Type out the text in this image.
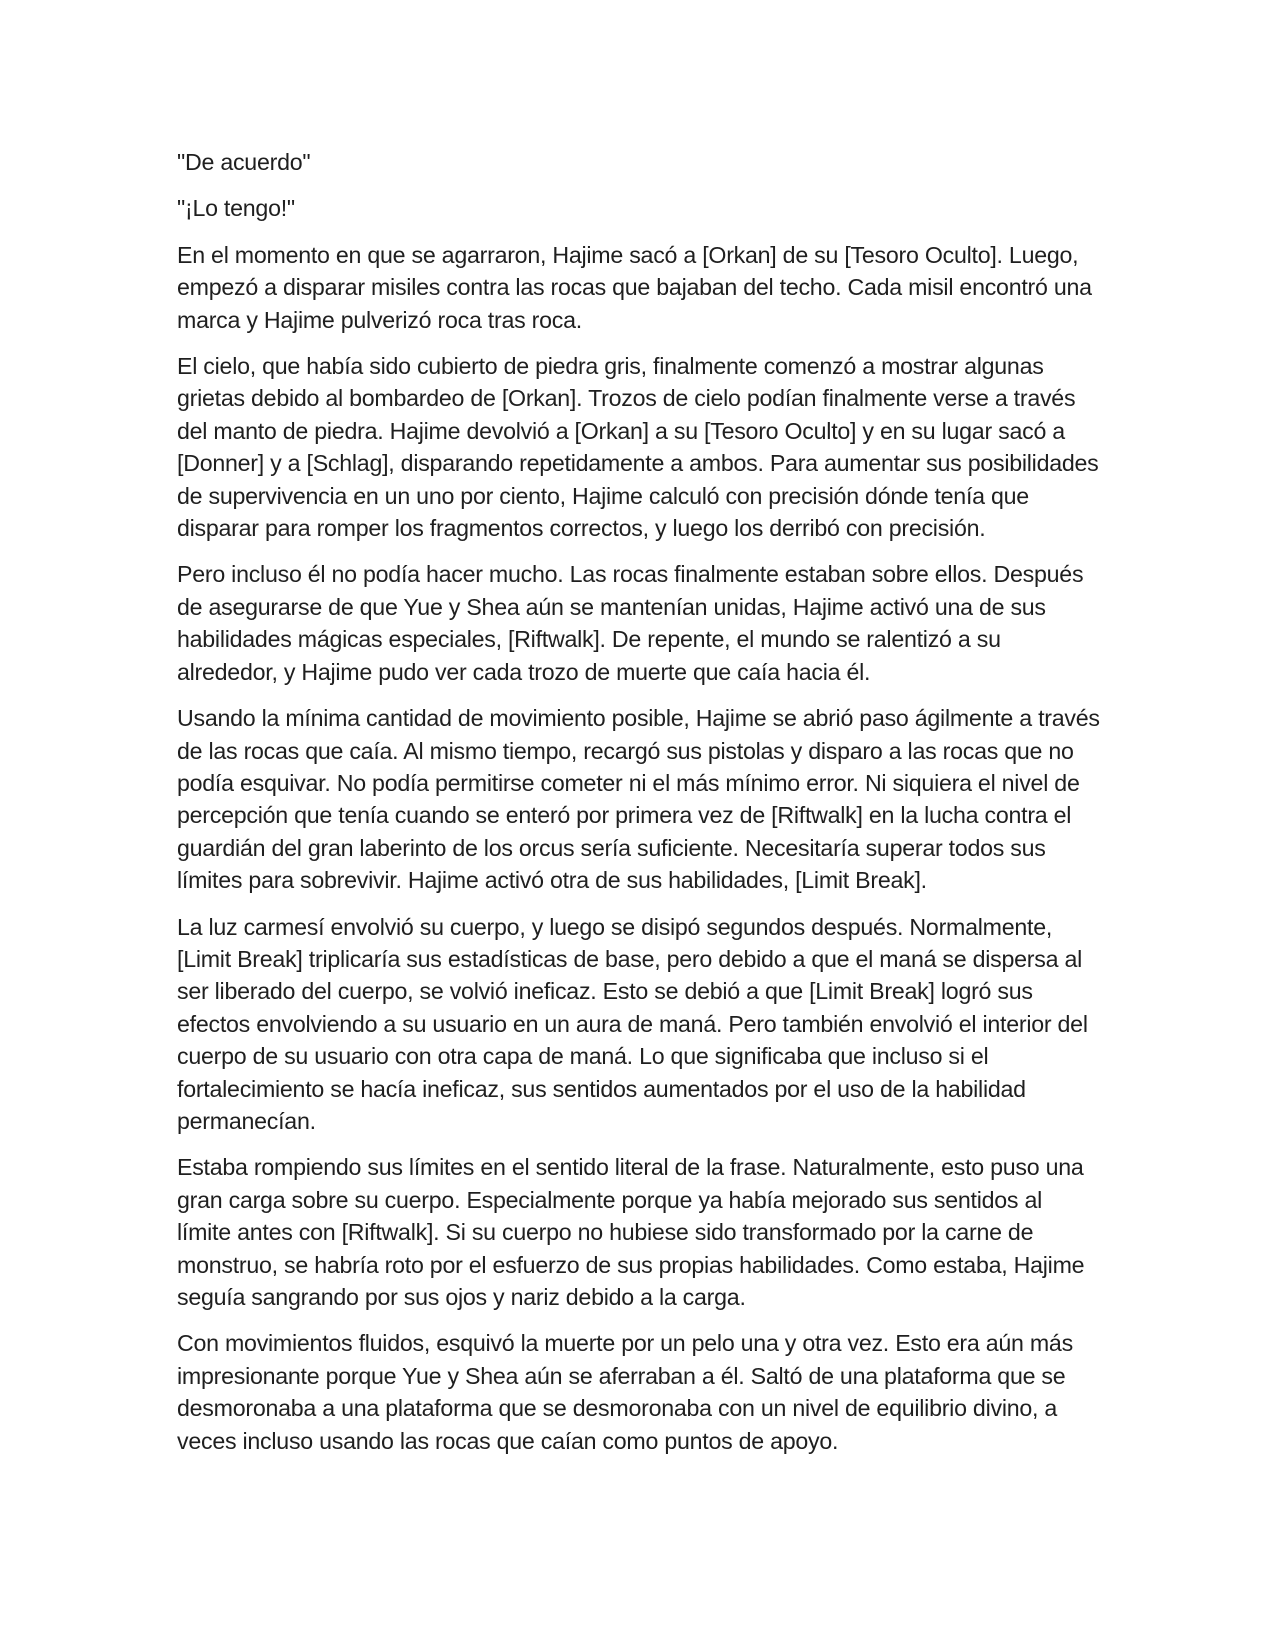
"De acuerdo"

"¡Lo tengo!"

En el momento en que se agarraron, Hajime sacó a [Orkan] de su [Tesoro Oculto]. Luego, empezó a disparar misiles contra las rocas que bajaban del techo. Cada misil encontró una marca y Hajime pulverizó roca tras roca.

El cielo, que había sido cubierto de piedra gris, finalmente comenzó a mostrar algunas grietas debido al bombardeo de [Orkan]. Trozos de cielo podían finalmente verse a través del manto de piedra. Hajime devolvió a [Orkan] a su [Tesoro Oculto] y en su lugar sacó a [Donner] y a [Schlag], disparando repetidamente a ambos. Para aumentar sus posibilidades de supervivencia en un uno por ciento, Hajime calculó con precisión dónde tenía que disparar para romper los fragmentos correctos, y luego los derribó con precisión.

Pero incluso él no podía hacer mucho. Las rocas finalmente estaban sobre ellos. Después de asegurarse de que Yue y Shea aún se mantenían unidas, Hajime activó una de sus habilidades mágicas especiales, [Riftwalk]. De repente, el mundo se ralentizó a su alrededor, y Hajime pudo ver cada trozo de muerte que caía hacia él.

Usando la mínima cantidad de movimiento posible, Hajime se abrió paso ágilmente a través de las rocas que caía. Al mismo tiempo, recargó sus pistolas y disparo a las rocas que no podía esquivar. No podía permitirse cometer ni el más mínimo error. Ni siquiera el nivel de percepción que tenía cuando se enteró por primera vez de [Riftwalk] en la lucha contra el guardián del gran laberinto de los orcus sería suficiente. Necesitaría superar todos sus límites para sobrevivir. Hajime activó otra de sus habilidades, [Limit Break].

La luz carmesí envolvió su cuerpo, y luego se disipó segundos después. Normalmente, [Limit Break] triplicaría sus estadísticas de base, pero debido a que el maná se dispersa al ser liberado del cuerpo, se volvió ineficaz. Esto se debió a que [Limit Break] logró sus efectos envolviendo a su usuario en un aura de maná. Pero también envolvió el interior del cuerpo de su usuario con otra capa de maná. Lo que significaba que incluso si el fortalecimiento se hacía ineficaz, sus sentidos aumentados por el uso de la habilidad permanecían.

Estaba rompiendo sus límites en el sentido literal de la frase. Naturalmente, esto puso una gran carga sobre su cuerpo. Especialmente porque ya había mejorado sus sentidos al límite antes con [Riftwalk]. Si su cuerpo no hubiese sido transformado por la carne de monstruo, se habría roto por el esfuerzo de sus propias habilidades. Como estaba, Hajime seguía sangrando por sus ojos y nariz debido a la carga.

Con movimientos fluidos, esquivó la muerte por un pelo una y otra vez. Esto era aún más impresionante porque Yue y Shea aún se aferraban a él. Saltó de una plataforma que se desmoronaba a una plataforma que se desmoronaba con un nivel de equilibrio divino, a veces incluso usando las rocas que caían como puntos de apoyo.
